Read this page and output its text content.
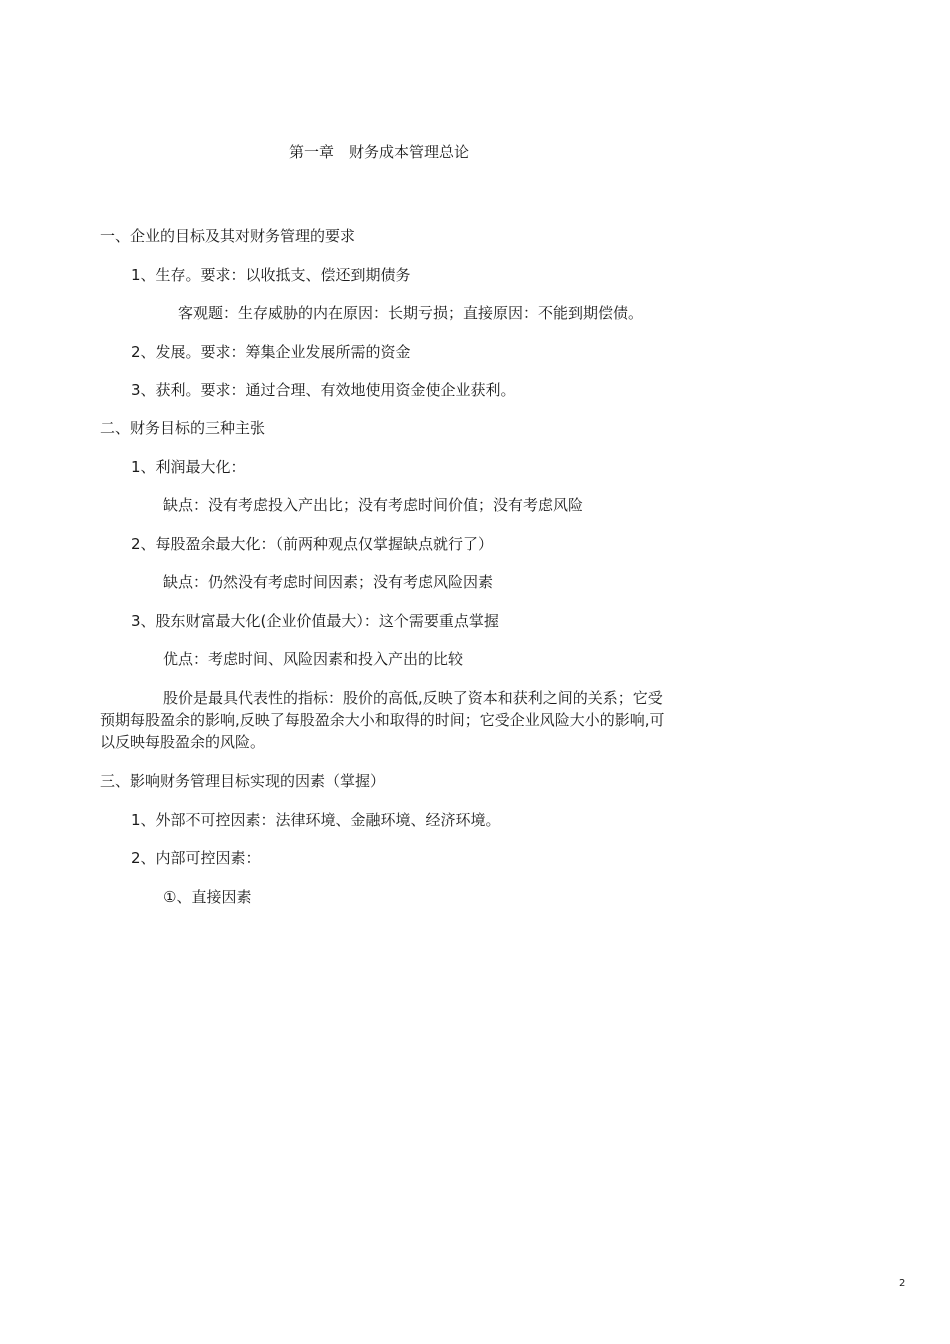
第一章　财务成本管理总论
一、企业的目标及其对财务管理的要求
1、生存。要求：以收抵支、偿还到期债务
客观题：生存威胁的内在原因：长期亏损；直接原因：不能到期偿债。
2、发展。要求：筹集企业发展所需的资金
3、获利。要求：通过合理、有效地使用资金使企业获利。
二、财务目标的三种主张
1、利润最大化：
缺点：没有考虑投入产出比；没有考虑时间价值；没有考虑风险
2、每股盈余最大化：（前两种观点仅掌握缺点就行了）
缺点：仍然没有考虑时间因素；没有考虑风险因素
3、股东财富最大化(企业价值最大）：这个需要重点掌握
优点：考虑时间、风险因素和投入产出的比较
股价是最具代表性的指标：股价的高低,反映了资本和获利之间的关系；它受预期每股盈余的影响,反映了每股盈余大小和取得的时间；它受企业风险大小的影响,可以反映每股盈余的风险。
三、影响财务管理目标实现的因素（掌握）
1、外部不可控因素：法律环境、金融环境、经济环境。
2、内部可控因素：
①、直接因素
2
